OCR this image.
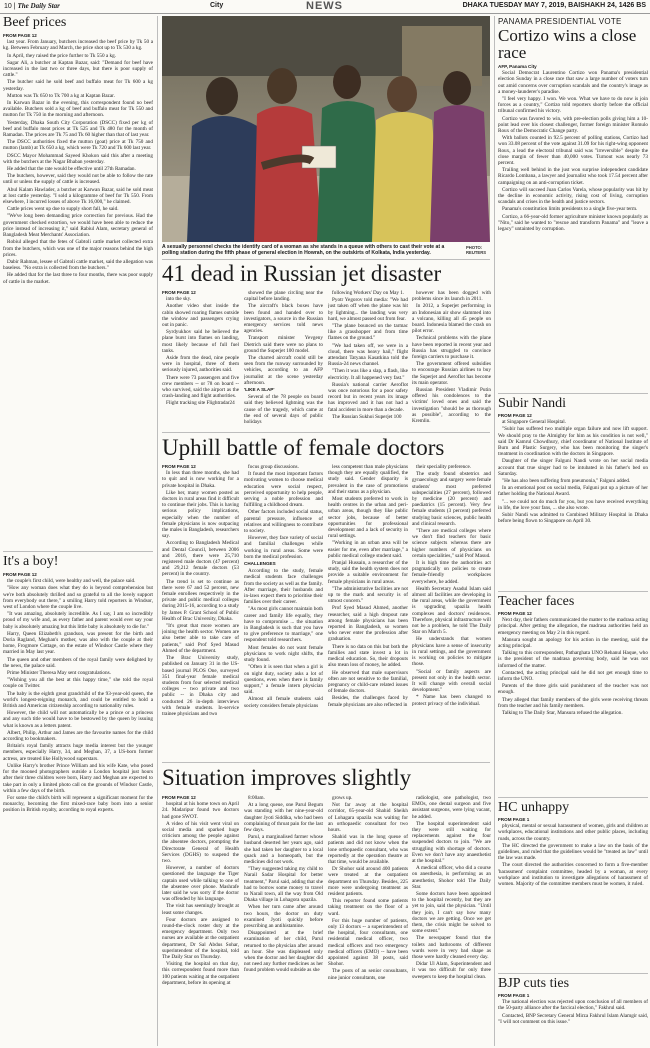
10 | The Daily Star	City	NEWS	DHAKA TUESDAY MAY 7, 2019, BAISHAKH 24, 1426 BS
Beef prices
FROM PAGE 12

last year. From January, butchers increased the beef price by Tk 50 a kg. Between February and March, the price shot up to Tk 530 a kg.

In April, they raised the price further to Tk 550 a kg.

Sagar Ali, a butcher at Kaptan Bazar, said: "Demand for beef have increased in the last two or three days, but there is poor supply of cattle."

The butcher said he sold beef and buffalo meat for Tk 600 a kg yesterday.

Mutton was Tk 650 to Tk 700 a kg at Kaptan Bazar.

In Karwan Bazar in the evening, this correspondent found no beef available. Butchers sold a kg of beef and buffalo meat for Tk 550 and mutton for Tk 750 in the morning and afternoon.

Yesterday, Dhaka South City Corporation (DSCC) fixed per kg of beef and buffalo meat prices at Tk 525 and Tk 480 for the month of Ramadan. The prices are Tk 75 and Tk 60 higher than that of last year.

The DSCC authorities fixed the mutton (goat) price at Tk 750 and mutton (lamb) at Tk 650 a kg, which were Tk 720 and Tk 600 last year.

DSCC Mayor Mohammad Sayeed Khokon said this after a meeting with the butchers at the Nagar Bhaban yesterday.

He added that the rate would be effective until 27th Ramadan.

The butchers, however, said they would not be able to follow the rate until or unless the supply of cattle is increased.

Abul Kalam Hawlader, a butcher at Karwan Bazar, said he sold meat at lost cattle yesterday. "I sold a kilogramme of beef for Tk 550. From elsewhere, I incurred losses of above Tk 16,000," he claimed.

Cattle prices went up due to supply short fall, he said.

"We've long been demanding price correction for previous. Had the government checked extortion, we would have been able to reduce the price instead of increasing it," said Rabiul Alam, secretary general of Bangladesh Meat Merchants' Association.

Robiul alleged that the fetes of Gabtoli cattle market collected extra from the butchers, which was one of the major reasons behind the high prices.

Dabir Rahman, lessee of Gabtoli cattle market, said the allegation was baseless. "No extra is collected from the butchers."

He added that for the last three to four months, there was poor supply of cattle in the market.

It's a boy!
FROM PAGE 12

the couple's first child, were healthy and well, the palace said.

"How any woman does what they do is beyond comprehension but we're both absolutely thrilled and so grateful to all the lovely support from everybody out there," a smiling Harry told reporters in Windsor, west of London where the couple live.

"It was amazing, absolutely incredible. As I say, I am so incredibly proud of my wife and, as every father and parent would ever say your baby is absolutely amazing but this little baby is absolutely to die for."

Harry, Queen Elizabeth's grandson, was present for the birth and Doria Ragland, Meghan's mother, was also with the couple at their home, Frogmore Cottage, on the estate of Windsor Castle where they married in May last year.

The queen and other members of the royal family were delighted by the news, the palace said.

Prime Minister Theresa May sent congratulations.

"Wishing you all the best at this happy time," she told the royal couple on Twitter.

The baby is the eighth great grandchild of the 93-year-old queen, the world's longest-reigning monarch, and could be entitled to hold a British and American citizenship according to nationality rules.

However, the child will not automatically be a prince or a princess and any such title would have to be bestowed by the queen by issuing what is known as a letters patent.

Albert, Philip, Arthur and James are the favourite names for the child according to bookmakers.

Britain's royal family attracts huge media interest but the younger members, especially Harry, 34, and Meghan, 37, a US-born former actress, are treated like Hollywood superstars.

Unlike Harry's brother Prince William and his wife Kate, who posed for the mooned photographers outside a London hospital just hours after their three children were born, Harry and Meghan are expected to take part in only a limited photo call on the grounds of Windsor Castle, within a few days of the birth.

For some the child's birth will represent a significant moment for the monarchy, becoming the first mixed-race baby born into a senior position in British royalty, according to royal experts.

A sexually personnel checks the identify card of a woman as she stands in a queue with others to cast their vote at a polling station during the fifth phase of general election in Howrah, on the outskirts of Kolkata, India yesterday.
PHOTO: REUTERS
41 dead in Russian jet disaster
FROM PAGE 12

into the sky.

Another video shot inside the cabin showed roaring flames outside the window and passengers crying out in panic.

Syrdyukhov said he believed the plane burst into flames on landing, most likely because of full fuel tanks.

Aside from the dead, nine people were in hospital, three of them seriously injured, authorities said.

There were 73 passengers and five crew members -- or 78 on board -- who survived, said the airport as the crash-landing and flight authorities.

Flight tracking site Flightradar24

showed the plane circling near the capital before landing.

The aircraft's black boxes have been found and handed over to investigators, a source in the Russian emergency services told news agencies.

Transport minister Yevgeny Dietrich said there were no plans to ground the Superjet 100 model.

The charred aircraft could still be seen from the runway surrounded by vehicles, according to an AFP journalist at the scene yesterday afternoon.

'LIKE A SLAP'

Several of the 78 people on board said they believed lightning was the cause of the tragedy, which came at the end of several days of public holidays

following Workers' Day on May 1.

Pyotr Yegorov told media: "We had just taken off when the plane was hit by lightning... the landing was very hard, we almost passed out from fear.

"The plane bounced on the tarmac like a grasshopper and from time flames on the ground."

"We had taken off, we were in a cloud, there was heavy hail," flight attendant Tatyana Kasatkina told the Russia-24 news channel.

"Then it was like a slap, a flash, like electricity. It all happened very fast."

Russia's national carrier Aeroflot was once notorious for a poor safety record but in recent years its image has improved and it has not had a fatal accident in more than a decade.

The Russian Sukhoi Superjet 100

however has been dogged with problems since its launch in 2011.

In 2012, a Superjet performing in an Indonesian air show slammed into a volcano, killing all 45 people on board. Indonesia blamed the crash on pilot error.

Technical problems with the plane have been reported in recent year and Russia has struggled to convince foreign carriers to purchase it.

The government offered subsidies to encourage Russian airlines to buy the Superjet and Aeroflot has become its main operator.

Russian President Vladimir Putin offered his condolences to the victims' loved ones and said the investigation "should be as thorough as possible", according to the Kremlin.

Uphill battle of female doctors
FROM PAGE 12

In less than three months, she had to quit and is now working for a private hospital in Dhaka.

Like her, many women posted as doctors in rural areas find it difficult to continue their jobs. This is having serious policy implications, especially when the number of female physicians is now outpacing the males in Bangladesh, researchers say.

According to Bangladesh Medical and Dental Council, between 2006 and 2016, there were 25,710 registered male doctors (47 percent) and 29,212 female doctors (53 percent) in the country.

The trend is set to continue as there were 67 and 52 percent, new female enrollees respectively in the private and public medical colleges during 2015-16, according to a study by James P. Grant School of Public Health of Brac University, Dhaka.

"It's great that more women are joining the health sector. Women are also better able to take care of patients," said Prof Syed Masud Ahmed of the department.

The Brac University study, published on January 31 in the US-based journal PLOS One, surveyed 351 final-year female medical students from four selected medical colleges -- two private and two public -- in Dhaka city and conducted 26 in-depth interviews with female students. In-service trainee physicians and two

focus group discussions.

It found the most important factors motivating women to choose medical education were social respect, perceived opportunity to help people, serving a noble profession and fulfilling a childhood dream.

Other factors included social status, parental pressure, influence of relatives and willingness to contribute to society.

However, they face variety of social and familial challenges while working in rural areas. Some were born the medical profession.

CHALLENGES

According to the study, female medical students face challenges from the society as well as the family. After marriage, their husbands and in-laws expect them to prioritise their families over their career.

"As most girls cannot maintain both career and family life equally, they have to compromise ... the situation in Bangladesh is such that you have to give preference to marriage," one respondent told researchers.

Most females do not want female physicians to work night shifts, the study found.

"Often it is seen that when a girl is on night duty, society asks a lot of questions, even when there is family support," a female intern physician said.

Almost all female students said society considers female physicians

less competent than male physicians though they are equally qualified, the study said. Gender disparity is prevalent in the case of promotions and their status as a physician.

Most students preferred to work in health centres in the urban and peri-urban areas, though they like public sector jobs, because of better opportunities for professional development and a lack of security in rural settings.

"Working in an urban area will be easier for me, even after marriage," a public medical college student said.

Pranjal Hussain, a researcher of the study, said the health system does not provide a suitable environment for female physicians in rural areas.

"The administrative facilities are not up to the mark and security is of utmost concern."

Prof Syed Masud Ahmed, another researcher, said a high dropout rate among female physicians has been reported in Bangladesh, so women who never enter the profession after graduation.

There is no data on this but both the families and state invest a lot in medical education. So, their dropouts also mean loss of money, he added.

He observed that male supervisors often are not sensitive to the familial, pregnancy or child-care related issues of female doctors.

Besides, the challenges faced by female physicians are also reflected in

their speciality preference.

The study found obstetrics and gynaecology and surgery were female students' most preferred subspecialities (27 percent), followed by medicine (20 percent) and paediatrics (15 percent). Very few female students (3 percent) preferred studying basic sciences, public health and clinical research.

"There are medical colleges where we don't find teachers for basic science subjects whereas there are higher numbers of physicians on certain specialities," said Prof Masud.

It is high time the authorities act pragmatically on policies to create female-friendly workplaces everywhere, he added.

Health Secretary Asadul Islam said almost all facilities are developing in the rural areas, while the government is upgrading upazila health complexes and doctors' residences. Therefore, physical infrastructure will not be a problem, he told The Daily Star on March 5.

He understands that women physicians have a sense of insecurity in rural settings, and the government is working on policies to mitigate those.

"Social or family aspects are present not only in the health sector. It will change with overall social development."

* Name has been changed to protect privacy of the individual.

Situation improves slightly
FROM PAGE 12

hospital at his home town on April 24. Madaripur found two doctors had gone SWOT.

A video of his visit went viral on social media and sparked huge criticism among the people against the absentee doctors, prompting the Directorate General of Health Services (DGHS) to suspend the two.

However, a number of doctors questioned the language the Tiger captain used while talking to one of the absentee over phone. Mashrafe later said he was sorry if the doctor was offended by his language.

The visit has seemingly brought at least some changes.

Four doctors are assigned to round-the-clock roster duty at the emergency department. Only two nurses are available at the outpatient department, Dr Sal Abdus Sohar, superintendent of the hospital, told The Daily Star on Thursday.

Visiting the hospital on that day, this correspondent found more than 100 patients waiting at the outpatient department, before its opening at

8:00am.

At a long queue, one Parul Begum was standing with her nine-year-old daughter Jyoti Siddika, who had been complaining of throat pain for the last few days.

Parul, a marginalised farmer whose husband deserted her years ago, said she had taken her daughter to a local quack and a homeopath, but the medicines did not work.

"They suggested taking my child to Narail Sadar Hospital for better treatment," Parul said, adding that she had to borrow some money to travel to Narail town, all the way from Old Dhaka village in Lohagora upazila.

When her turn came after around two hours, the doctor on duty examined Jyoti quickly before prescribing an antihistamine.

Disappointed at the brief examination of her child, Parul returned to the physician after around an hour. She was displeased only when the doctor and her daughter did not need any further medicines as her found problem would subside as she

grows up.

Not far away at the hospital corridor, 65-year-old Shahid Sheikh of Lohagara upazila was waiting for an orthopaedic consultant for two hours.

Shahid was in the long queue of patients and did not know when the lone orthopaedic consultant, who was reportedly at the operation theatre at that time, would be available.

Dr Shohor said around 400 patients were treated at the outpatient department on Thursday. Besides, 225 more were undergoing treatment as resident patients.

This reporter found some patients taking treatment on the floor of a ward.

For this huge number of patients, only 13 doctors -- a superintendent of the hospital, four consultants, one residential medical officer, two medical officers and two emergency medical officers (EMO) -- have been appointed against 38 posts, said Shohor.

The posts of an senior consultants, nine junior consultants, one

radiologist, one pathologist, two EMOs, one dental surgeon and five assistant surgeons, were lying vacant, he added.

The hospital superintendent said they were still waiting for replacements against the four suspended doctors to join. "We are struggling with shortage of doctors. Even we don't have any anaesthetist at the hospital."

A medical officer, who did a course on anesthesia, is performing as an anesthetist, Shohor told The Daily Star.

Some doctors have been appointed to the hospital recently, but they are yet to join, said the physician. "Until they join, I can't say how many doctors we are getting. Once we get them, the crisis might be solved to some extent."

The newspaper found that the toilets and bathrooms of different wards were in very bad shape as those were hardly cleaned every day.

Didar Ul Alam, Superintendent and it was too difficult for only three sweepers to keep the hospital clean.

PANAMA PRESIDENTIAL VOTE
Cortizo wins a close race
AFP, Panama City

Social Democrat Laurentino Cortizo won Panama's presidential election Sunday in a close race that saw a large number of voters turn out amid concerns over corruption scandals and the country's image as a money-launderer's paradise.

"I feel very happy. I won. We won. What we have to do now is join forces as a country," Cortizo told reporters shortly before the official tribunal confirmed his victory.

Cortizo was favored to win, with pre-election polls giving him a 10-point lead over his closest challenger, former foreign minister Romulo Roux of the Democratic Change party.

With ballots counted in 92.5 percent of polling stations, Cortizo had won 33.08 percent of the vote against 31.09 for his right-wing opponent Roux, a lead the electoral tribunal said was "irreversible" despite the close margin of fewer than 40,000 votes. Turnout was nearly 73 percent.

Trailing well behind in the just won surprise independent candidate Ricardo Lombana, a lawyer and journalist who took 17.54 percent after campaigning on an anti-corruption ticket.

Cortizo will succeed Juan Carlos Varela, whose popularity was hit by the decline in economic activity, rising cost of living, corruption scandals and crises in the health and justice sectors.

Panama's constitution limits presidents to a single five-year term.

Cortizo, a 66-year-old former agriculture minister known popularly as "Nito," said he wanted to "rescue and transform Panama" and "leave a legacy" untainted by corruption.

Subir Nandi
FROM PAGE 12

at Singapore General Hospital.

"Subir has suffered two multiple organ failure and now lift support. We should pray to the Almighty for him as his condition is not well," said Dr Kamrul Chowdhury, chief coordinator of National Institute of Burn and Plastic Surgery, who has been monitoring the singer's treatment in coordination with the doctors in Singapore.

Daughter of the singer Falguni Nandi wrote on her social media account that true singer had to be intubated in his father's bed on Saturday.

"He has also been suffering from pneumonia," Falguni added.

In an emotional post on social media, Falguni put up a picture of her father holding the National Award.

"... we could not do much for you, but you have received everything in life, the love your fans, ... she also wrote.

Subir Nandi was admitted to Combined Military Hospital in Dhaka before being flown to Singapore on April 30.

Teacher faces
FROM PAGE 12

Next day, their fathers communicated the matter to the madrasa acting principal. After getting the allegation, the madrasa authorities held an emergency meeting on May 2 in this regard.

Mansura sought an apology for his action in the meeting, said the acting principal.

Talking to this correspondent, Patharghata UNO Rehanul Haque, who is the president of the madrasa governing body, said he was not informed of the matter.

Contacted, the acting principal said he did not get enough time to inform the UNO.

Parents of the three girls said punishment of the teacher was not enough.

They alleged that family members of the girls were receiving threats from the teacher and his family members.

Talking to The Daily Star, Mansura refused the allegation.

HC unhappy
FROM PAGE 1

physical, mental or sexual harassment of women, girls and children at workplaces, educational institutions and other public places, including roads, across the country.

The HC directed the government to make a law on the basis of the guidelines, and ruled that the guidelines would be "treated as law" until the law was made.

The court directed the authorities concerned to form a five-member 'harassment' complaint committee, headed by a woman, at every workplace and institution to investigate allegations of harassment of women. Majority of the committee members must be women, it ruled.

BJP cuts ties
FROM PAGE 1

The national election was rejected upon conclusion of all members of the 50-party alliance after the farcical election," Fakhrul said.

Contacted, BNP Secretary General Mirza Fakhrul Islam Alamgir said, "I will not comment on this issue."
